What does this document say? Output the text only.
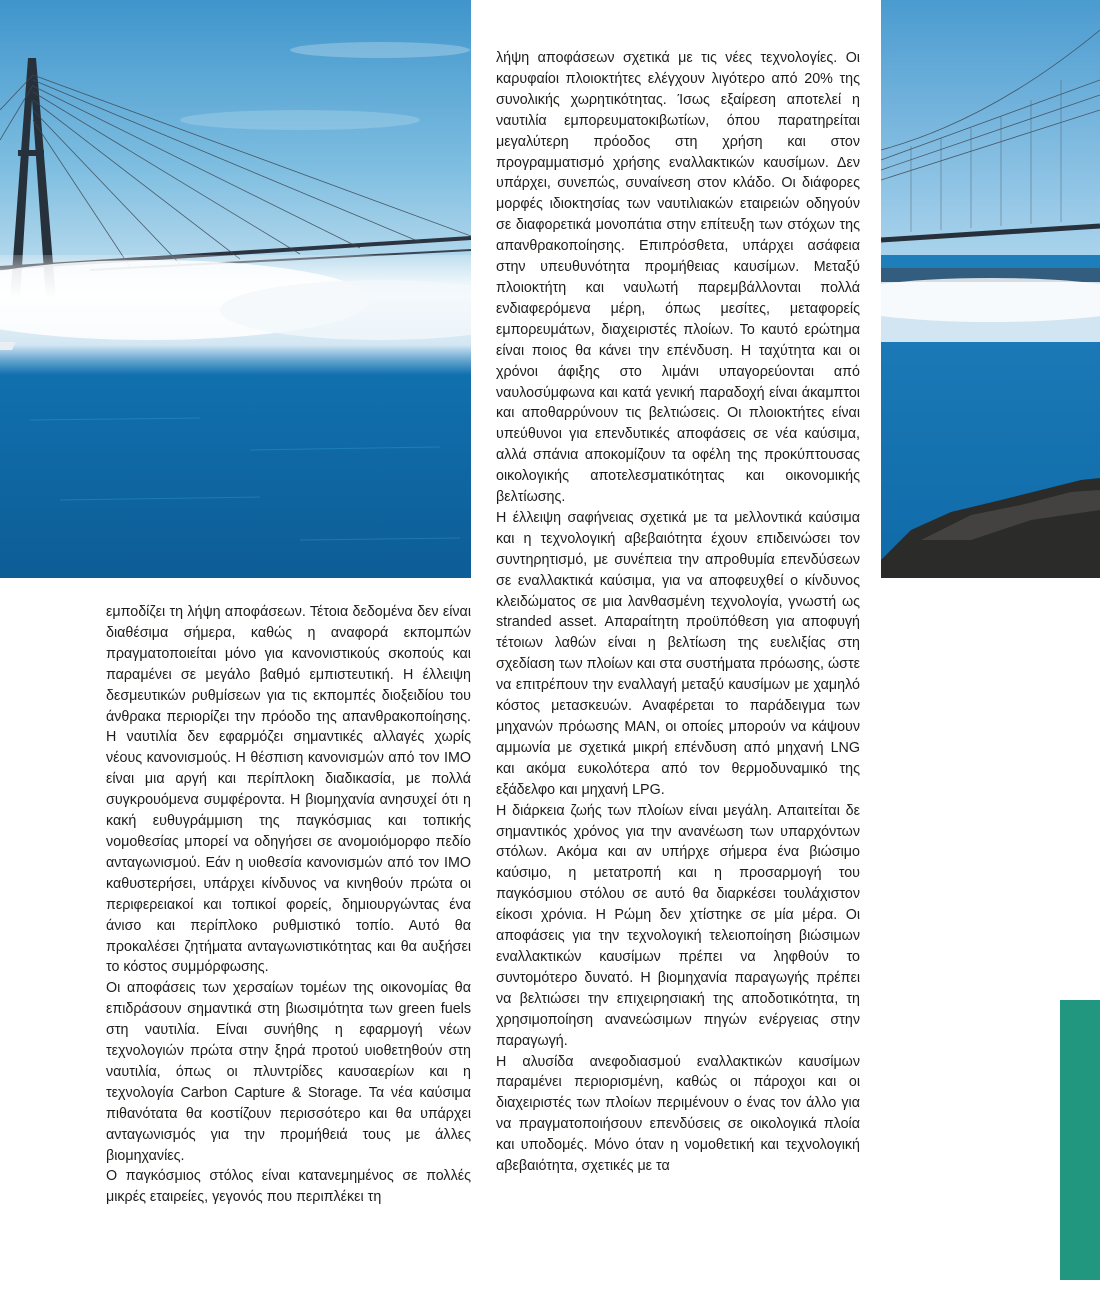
εμποδίζει τη λήψη αποφάσεων. Τέτοια δεδομένα δεν είναι διαθέσιμα σήμερα, καθώς η αναφορά εκπομπών πραγματοποιείται μόνο για κανονιστικούς σκοπούς και παραμένει σε μεγάλο βαθμό εμπιστευτική. Η έλλειψη δεσμευτικών ρυθμίσεων για τις εκπομπές διοξειδίου του άνθρακα περιορίζει την πρόοδο της απανθρακοποίησης. Η ναυτιλία δεν εφαρμόζει σημαντικές αλλαγές χωρίς νέους κανονισμούς. Η θέσπιση κανονισμών από τον IMO είναι μια αργή και περίπλοκη διαδικασία, με πολλά συγκρουόμενα συμφέροντα. Η βιομηχανία ανησυχεί ότι η κακή ευθυγράμμιση της παγκόσμιας και τοπικής νομοθεσίας μπορεί να οδηγήσει σε ανομοιόμορφο πεδίο ανταγωνισμού. Εάν η υιοθεσία κανονισμών από τον IMO καθυστερήσει, υπάρχει κίνδυνος να κινηθούν πρώτα οι περιφερειακοί και τοπικοί φορείς, δημιουργώντας ένα άνισο και περίπλοκο ρυθμιστικό τοπίο. Αυτό θα προκαλέσει ζητήματα ανταγωνιστικότητας και θα αυξήσει το κόστος συμμόρφωσης.

Οι αποφάσεις των χερσαίων τομέων της οικονομίας θα επιδράσουν σημαντικά στη βιωσιμότητα των green fuels στη ναυτιλία. Είναι συνήθης η εφαρμογή νέων τεχνολογιών πρώτα στην ξηρά προτού υιοθετηθούν στη ναυτιλία, όπως οι πλυντρίδες καυσαερίων και η τεχνολογία Carbon Capture & Storage. Τα νέα καύσιμα πιθανότατα θα κοστίζουν περισσότερο και θα υπάρχει ανταγωνισμός για την προμήθειά τους με άλλες βιομηχανίες.

Ο παγκόσμιος στόλος είναι κατανεμημένος σε πολλές μικρές εταιρείες, γεγονός που περιπλέκει τη

λήψη αποφάσεων σχετικά με τις νέες τεχνολογίες. Οι καρυφαίοι πλοιοκτήτες ελέγχουν λιγότερο από 20% της συνολικής χωρητικότητας. Ίσως εξαίρεση αποτελεί η ναυτιλία εμπορευματοκιβωτίων, όπου παρατηρείται μεγαλύτερη πρόοδος στη χρήση και στον προγραμματισμό χρήσης εναλλακτικών καυσίμων. Δεν υπάρχει, συνεπώς, συναίνεση στον κλάδο. Οι διάφορες μορφές ιδιοκτησίας των ναυτιλιακών εταιρειών οδηγούν σε διαφορετικά μονοπάτια στην επίτευξη των στόχων της απανθρακοποίησης. Επιπρόσθετα, υπάρχει ασάφεια στην υπευθυνότητα προμήθειας καυσίμων. Μεταξύ πλοιοκτήτη και ναυλωτή παρεμβάλλονται πολλά ενδιαφερόμενα μέρη, όπως μεσίτες, μεταφορείς εμπορευμάτων, διαχειριστές πλοίων. Το καυτό ερώτημα είναι ποιος θα κάνει την επένδυση. Η ταχύτητα και οι χρόνοι άφιξης στο λιμάνι υπαγορεύονται από ναυλοσύμφωνα και κατά γενική παραδοχή είναι άκαμπτοι και αποθαρρύνουν τις βελτιώσεις. Οι πλοιοκτήτες είναι υπεύθυνοι για επενδυτικές αποφάσεις σε νέα καύσιμα, αλλά σπάνια αποκομίζουν τα οφέλη της προκύπτουσας οικολογικής αποτελεσματικότητας και οικονομικής βελτίωσης.

Η έλλειψη σαφήνειας σχετικά με τα μελλοντικά καύσιμα και η τεχνολογική αβεβαιότητα έχουν επιδεινώσει τον συντηρητισμό, με συνέπεια την απροθυμία επενδύσεων σε εναλλακτικά καύσιμα, για να αποφευχθεί ο κίνδυνος κλειδώματος σε μια λανθασμένη τεχνολογία, γνωστή ως stranded asset. Απαραίτητη προϋπόθεση για αποφυγή τέτοιων λαθών είναι η βελτίωση της ευελιξίας στη σχεδίαση των πλοίων και στα συστήματα πρόωσης, ώστε να επιτρέπουν την εναλλαγή μεταξύ καυσίμων με χαμηλό κόστος μετασκευών. Αναφέρεται το παράδειγμα των μηχανών πρόωσης MAN, οι οποίες μπορούν να κάψουν αμμωνία με σχετικά μικρή επένδυση από μηχανή LNG και ακόμα ευκολότερα από τον θερμοδυναμικό της εξάδελφο και μηχανή LPG.

Η διάρκεια ζωής των πλοίων είναι μεγάλη. Απαιτείται δε σημαντικός χρόνος για την ανανέωση των υπαρχόντων στόλων. Ακόμα και αν υπήρχε σήμερα ένα βιώσιμο καύσιμο, η μετατροπή και η προσαρμογή του παγκόσμιου στόλου σε αυτό θα διαρκέσει τουλάχιστον είκοσι χρόνια. Η Ρώμη δεν χτίστηκε σε μία μέρα. Οι αποφάσεις για την τεχνολογική τελειοποίηση βιώσιμων εναλλακτικών καυσίμων πρέπει να ληφθούν το συντομότερο δυνατό. Η βιομηχανία παραγωγής πρέπει να βελτιώσει την επιχειρησιακή της αποδοτικότητα, τη χρησιμοποίηση ανανεώσιμων πηγών ενέργειας στην παραγωγή.

Η αλυσίδα ανεφοδιασμού εναλλακτικών καυσίμων παραμένει περιορισμένη, καθώς οι πάροχοι και οι διαχειριστές των πλοίων περιμένουν ο ένας τον άλλο για να πραγματοποιήσουν επενδύσεις σε οικολογικά πλοία και υποδομές. Μόνο όταν η νομοθετική και τεχνολογική αβεβαιότητα, σχετικές με τα
